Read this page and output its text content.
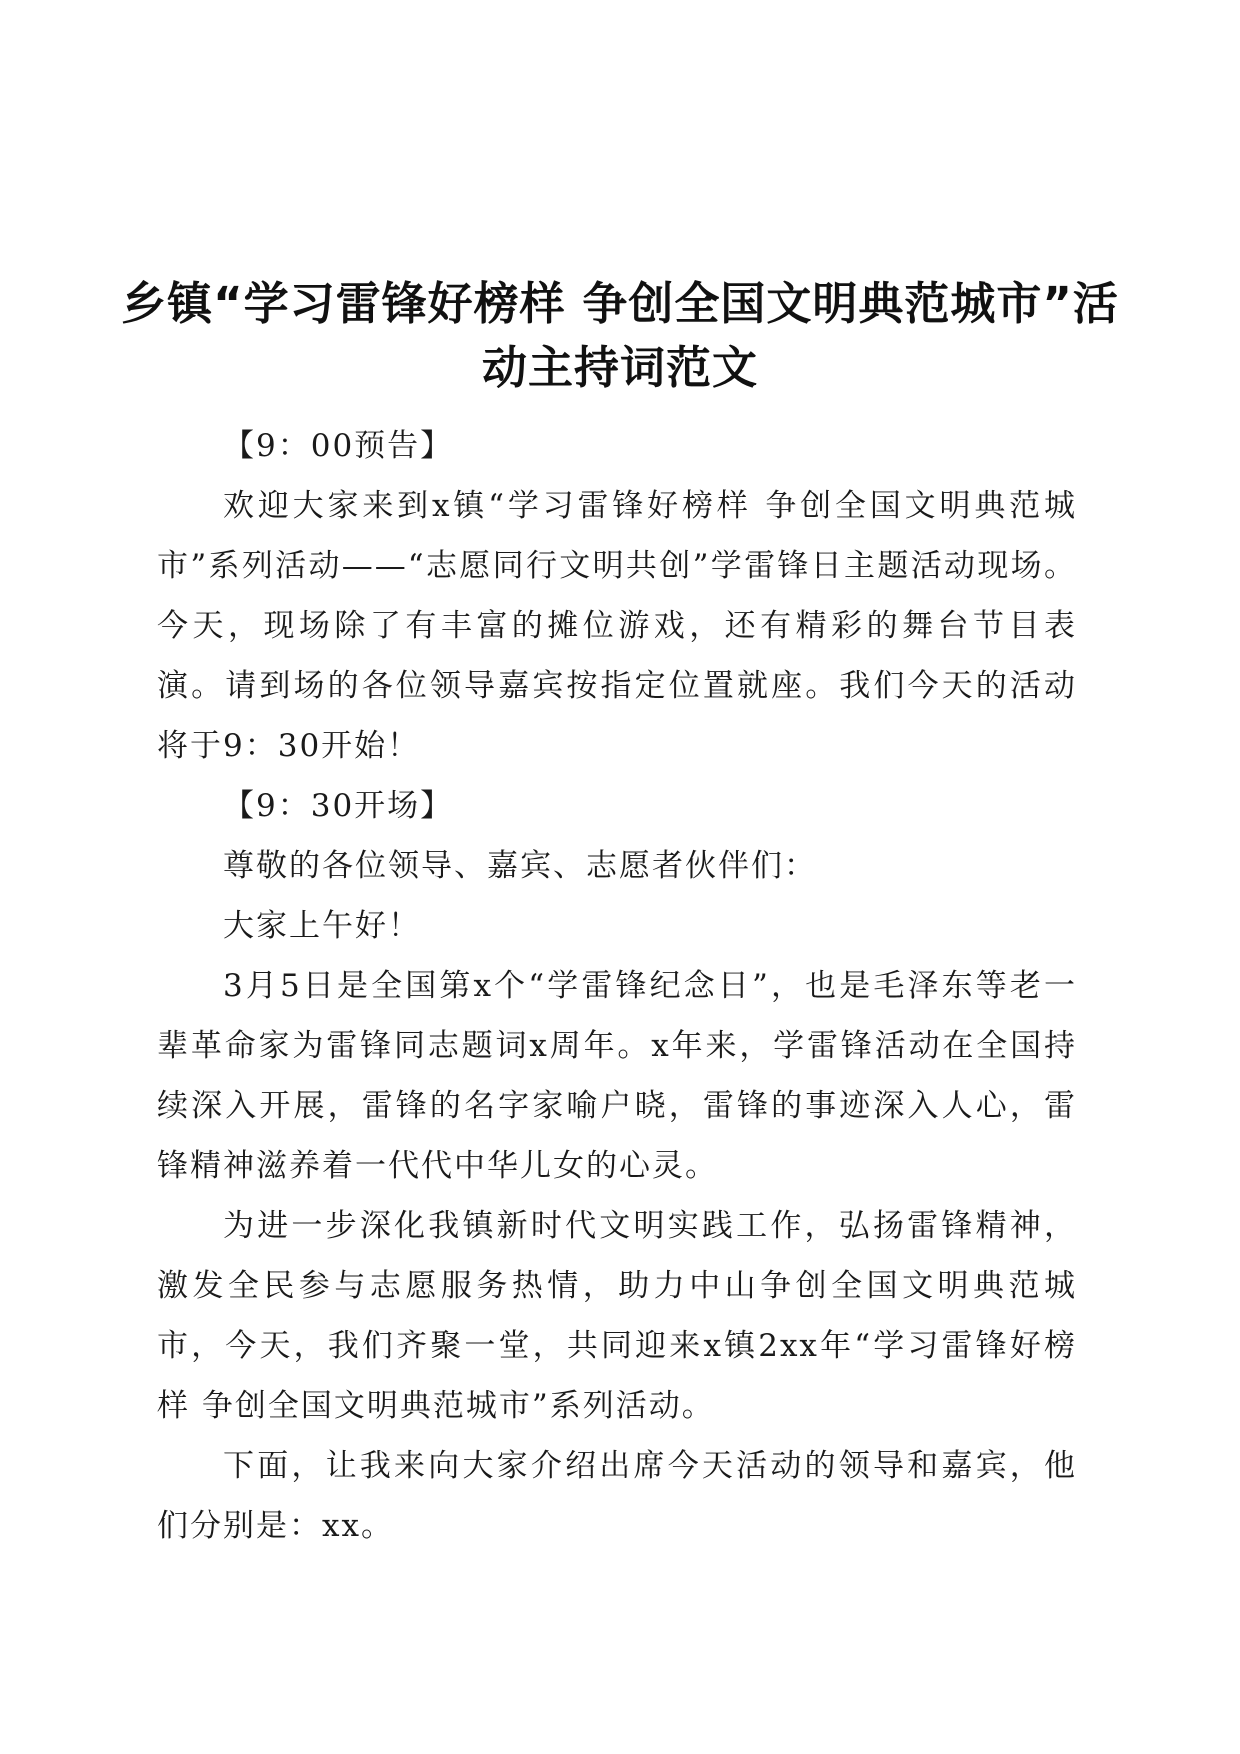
乡镇“学习雷锋好榜样 争创全国文明典范城市”活动主持词范文

【9：00预告】

欢迎大家来到x镇“学习雷锋好榜样 争创全国文明典范城市”系列活动——“志愿同行文明共创”学雷锋日主题活动现场。今天，现场除了有丰富的摊位游戏，还有精彩的舞台节目表演。请到场的各位领导嘉宾按指定位置就座。我们今天的活动将于9：30开始！

【9：30开场】

尊敬的各位领导、嘉宾、志愿者伙伴们：

大家上午好！

3月5日是全国第x个“学雷锋纪念日”，也是毛泽东等老一辈革命家为雷锋同志题词x周年。x年来，学雷锋活动在全国持续深入开展，雷锋的名字家喻户晓，雷锋的事迹深入人心，雷锋精神滋养着一代代中华儿女的心灵。

为进一步深化我镇新时代文明实践工作，弘扬雷锋精神，激发全民参与志愿服务热情，助力中山争创全国文明典范城市，今天，我们齐聚一堂，共同迎来x镇2xx年“学习雷锋好榜样 争创全国文明典范城市”系列活动。

下面，让我来向大家介绍出席今天活动的领导和嘉宾，他们分别是：xx。
